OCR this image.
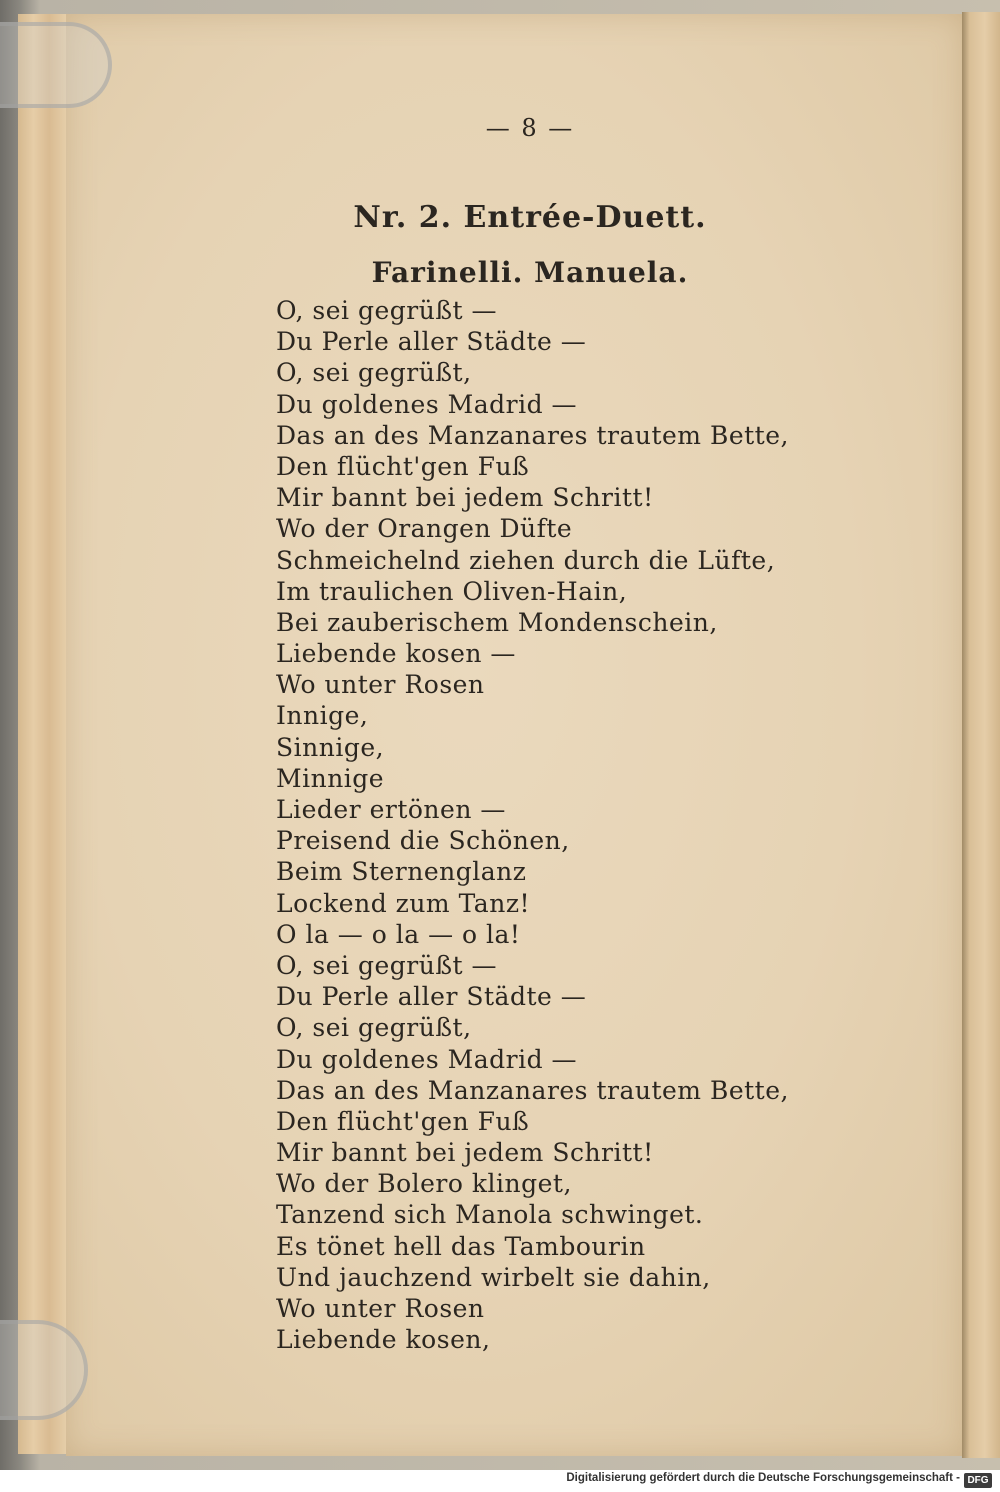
— 8 —
Nr. 2. Entrée-Duett.
Farinelli. Manuela.
O, sei gegrüßt —
Du Perle aller Städte —
O, sei gegrüßt,
Du goldenes Madrid —
Das an des Manzanares trautem Bette,
Den flücht'gen Fuß
Mir bannt bei jedem Schritt!
Wo der Orangen Düfte
Schmeichelnd ziehen durch die Lüfte,
Im traulichen Oliven-Hain,
Bei zauberischem Mondenschein,
Liebende kosen —
Wo unter Rosen
Innige,
Sinnige,
Minnige
Lieder ertönen —
Preisend die Schönen,
Beim Sternenglanz
Lockend zum Tanz!
O la — o la — o la!
O, sei gegrüßt —
Du Perle aller Städte —
O, sei gegrüßt,
Du goldenes Madrid —
Das an des Manzanares trautem Bette,
Den flücht'gen Fuß
Mir bannt bei jedem Schritt!
Wo der Bolero klinget,
Tanzend sich Manola schwinget.
Es tönet hell das Tambourin
Und jauchzend wirbelt sie dahin,
Wo unter Rosen
Liebende kosen,
Digitalisierung gefördert durch die Deutsche Forschungsgemeinschaft - DFG
